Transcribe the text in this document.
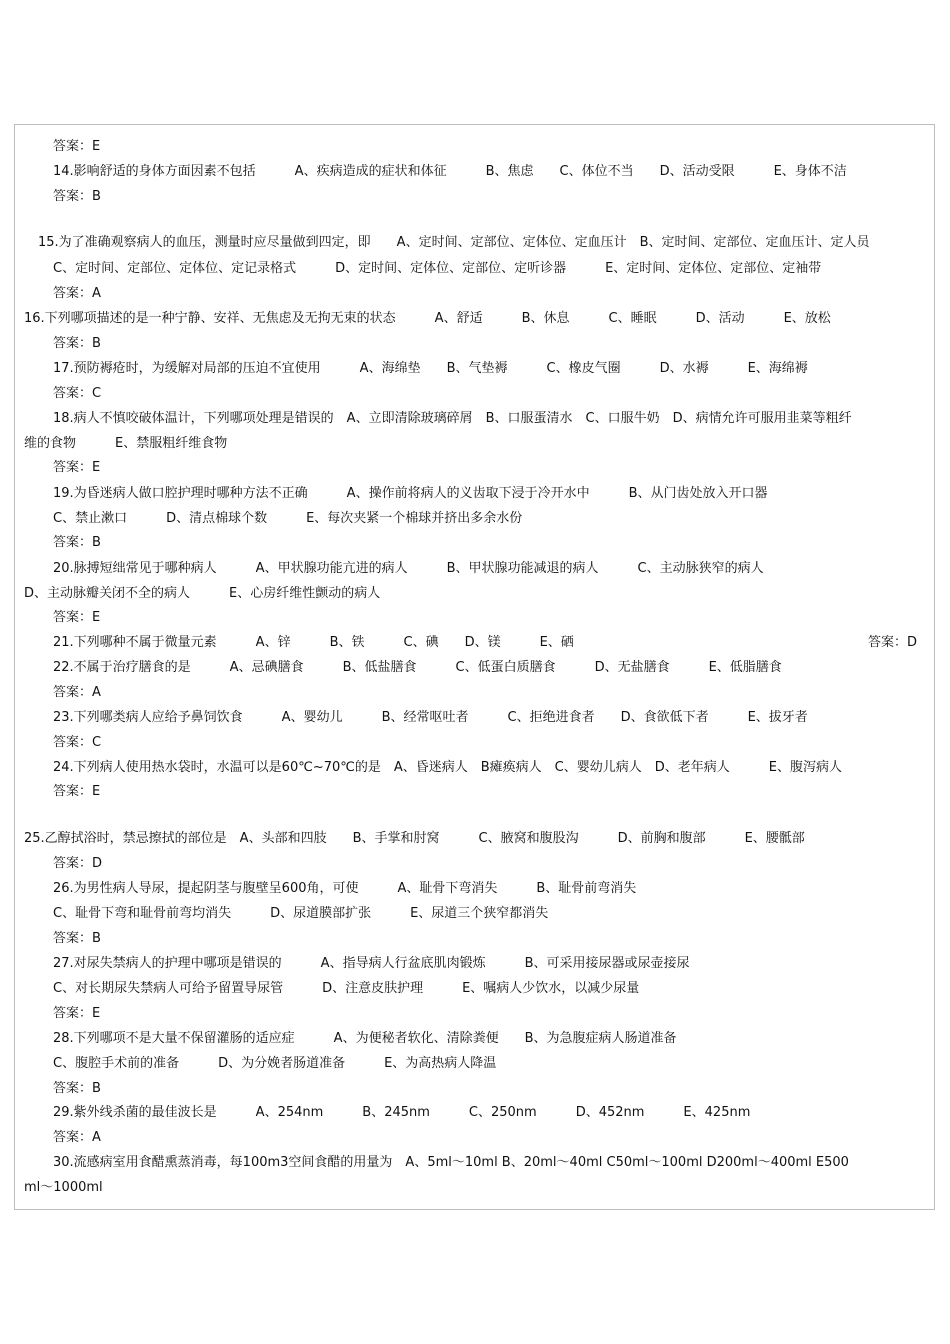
答案：E
14.影响舒适的身体方面因素不包括　　　A、疾病造成的症状和体征　　　B、焦虑　　C、体位不当　　D、活动受限　　　E、身体不洁
答案：B
15.为了准确观察病人的血压，测量时应尽量做到四定，即　　A、定时间、定部位、定体位、定血压计　B、定时间、定部位、定血压计、定人员
C、定时间、定部位、定体位、定记录格式　　　D、定时间、定体位、定部位、定听诊器　　　E、定时间、定体位、定部位、定袖带
答案：A
16.下列哪项描述的是一种宁静、安祥、无焦虑及无拘无束的状态　　　A、舒适　　　B、休息　　　C、睡眠　　　D、活动　　　E、放松
答案：B
17.预防褥疮时，为缓解对局部的压迫不宜使用　　　A、海绵垫　　B、气垫褥　　　C、橡皮气圈　　　D、水褥　　　E、海绵褥
答案：C
18.病人不慎咬破体温计，下列哪项处理是错误的　A、立即清除玻璃碎屑　B、口服蛋清水　C、口服牛奶　D、病情允许可服用韭菜等粗纤
维的食物　　　E、禁服粗纤维食物
答案：E
19.为昏迷病人做口腔护理时哪种方法不正确　　　A、操作前将病人的义齿取下浸于冷开水中　　　B、从门齿处放入开口器
C、禁止漱口　　　D、清点棉球个数　　　E、每次夹紧一个棉球并挤出多余水份
答案：B
20.脉搏短绌常见于哪种病人　　　A、甲状腺功能亢进的病人　　　B、甲状腺功能减退的病人　　　C、主动脉狭窄的病人
D、主动脉瓣关闭不全的病人　　　E、心房纤维性颤动的病人
答案：E
21.下列哪种不属于微量元素　　　A、锌　　　B、铁　　　C、碘　　D、镁　　　E、硒	答案：D
22.不属于治疗膳食的是　　　A、忌碘膳食　　　B、低盐膳食　　　C、低蛋白质膳食　　　D、无盐膳食　　　E、低脂膳食
答案：A
23.下列哪类病人应给予鼻饲饮食　　　A、婴幼儿　　　B、经常呕吐者　　　C、拒绝进食者　　D、食欲低下者　　　E、拔牙者
答案：C
24.下列病人使用热水袋时，水温可以是60℃~70℃的是　A、昏迷病人　B瘫痪病人　C、婴幼儿病人　D、老年病人　　　E、腹泻病人
答案：E
25.乙醇拭浴时，禁忌擦拭的部位是　A、头部和四肢　　B、手掌和肘窝　　　C、腋窝和腹股沟　　　D、前胸和腹部　　　E、腰骶部
答案：D
26.为男性病人导尿，提起阴茎与腹壁呈600角，可使　　　A、耻骨下弯消失　　　B、耻骨前弯消失
C、耻骨下弯和耻骨前弯均消失　　　D、尿道膜部扩张　　　E、尿道三个狭窄都消失
答案：B
27.对尿失禁病人的护理中哪项是错误的　　　A、指导病人行盆底肌肉锻炼　　　B、可采用接尿器或尿壶接尿
C、对长期尿失禁病人可给予留置导尿管　　　D、注意皮肤护理　　　E、嘱病人少饮水，以减少尿量
答案：E
28.下列哪项不是大量不保留灌肠的适应症　　　A、为便秘者软化、清除粪便　　B、为急腹症病人肠道准备
C、腹腔手术前的准备　　　D、为分娩者肠道准备　　　E、为高热病人降温
答案：B
29.紫外线杀菌的最佳波长是　　　A、254nm　　　B、245nm　　　C、250nm　　　D、452nm　　　E、425nm
答案：A
30.流感病室用食醋熏蒸消毒，每100m3空间食醋的用量为　A、5ml～10ml B、20ml～40ml C50ml～100ml D200ml～400ml E500
ml～1000ml
